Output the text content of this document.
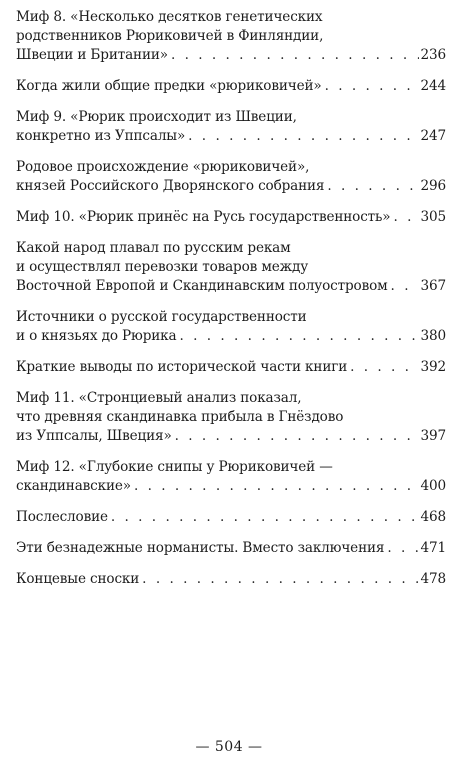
Миф 8. «Несколько десятков генетических
родственников Рюриковичей в Финляндии,
Швеции и Британии» . . .	236
Когда жили общие предки «рюриковичей» . . .	244
Миф 9. «Рюрик происходит из Швеции,
конкретно из Уппсалы» . . .	247
Родовое происхождение «рюриковичей»,
князей Российского Дворянского собрания . . .	296
Миф 10. «Рюрик принёс на Русь государственность» . . . 305
Какой народ плавал по русским рекам
и осуществлял перевозки товаров между
Восточной Европой и Скандинавским полуостровом . . . 367
Источники о русской государственности
и о князьях до Рюрика . . .	380
Краткие выводы по исторической части книги . . .	392
Миф 11. «Стронциевый анализ показал,
что древняя скандинавка прибыла в Гнёздово
из Уппсалы, Швеция» . . .	397
Миф 12. «Глубокие снипы у Рюриковичей —
скандинавские» . . .	400
Послесловие . . .	468
Эти безнадежные норманисты. Вместо заключения . . .	471
Концевые сноски . . .	478
— 504 —
